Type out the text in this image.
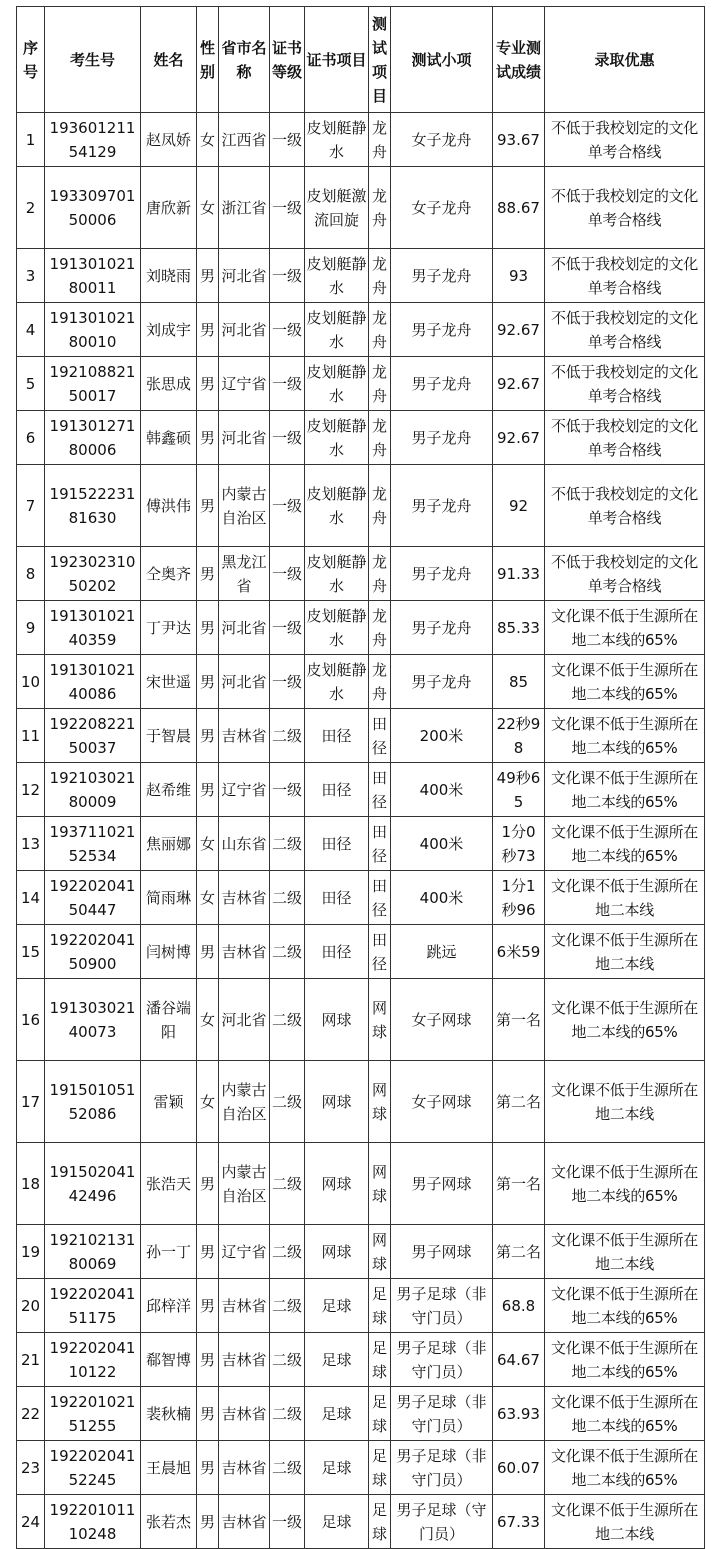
序号	考生号	姓名	性别	省市名称	证书等级	证书项目	测试项目	测试小项	专业测试成绩	录取优惠
1	19360121154129	赵凤娇	女	江西省	一级	皮划艇静水	龙舟	女子龙舟	93.67	不低于我校划定的文化单考合格线
2	19330970150006	唐欣新	女	浙江省	一级	皮划艇激流回旋	龙舟	女子龙舟	88.67	不低于我校划定的文化单考合格线
3	19130102180011	刘晓雨	男	河北省	一级	皮划艇静水	龙舟	男子龙舟	93	不低于我校划定的文化单考合格线
4	19130102180010	刘成宇	男	河北省	一级	皮划艇静水	龙舟	男子龙舟	92.67	不低于我校划定的文化单考合格线
5	19210882150017	张思成	男	辽宁省	一级	皮划艇静水	龙舟	男子龙舟	92.67	不低于我校划定的文化单考合格线
6	19130127180006	韩鑫硕	男	河北省	一级	皮划艇静水	龙舟	男子龙舟	92.67	不低于我校划定的文化单考合格线
7	19152223181630	傅洪伟	男	内蒙古自治区	一级	皮划艇静水	龙舟	男子龙舟	92	不低于我校划定的文化单考合格线
8	19230231050202	仝奥齐	男	黑龙江省	一级	皮划艇静水	龙舟	男子龙舟	91.33	不低于我校划定的文化单考合格线
9	19130102140359	丁尹达	男	河北省	一级	皮划艇静水	龙舟	男子龙舟	85.33	文化课不低于生源所在地二本线的65%
10	19130102140086	宋世遥	男	河北省	一级	皮划艇静水	龙舟	男子龙舟	85	文化课不低于生源所在地二本线的65%
11	19220822150037	于智晨	男	吉林省	二级	田径	田径	200米	22秒98	文化课不低于生源所在地二本线的65%
12	19210302180009	赵希维	男	辽宁省	一级	田径	田径	400米	49秒65	文化课不低于生源所在地二本线的65%
13	19371102152534	焦丽娜	女	山东省	二级	田径	田径	400米	1分0秒73	文化课不低于生源所在地二本线的65%
14	19220204150447	简雨琳	女	吉林省	二级	田径	田径	400米	1分1秒96	文化课不低于生源所在地二本线
15	19220204150900	闫树博	男	吉林省	二级	田径	田径	跳远	6米59	文化课不低于生源所在地二本线
16	19130302140073	潘谷端阳	女	河北省	二级	网球	网球	女子网球	第一名	文化课不低于生源所在地二本线的65%
17	19150105152086	雷颖	女	内蒙古自治区	二级	网球	网球	女子网球	第二名	文化课不低于生源所在地二本线
18	19150204142496	张浩天	男	内蒙古自治区	二级	网球	网球	男子网球	第一名	文化课不低于生源所在地二本线的65%
19	19210213180069	孙一丁	男	辽宁省	二级	网球	网球	男子网球	第二名	文化课不低于生源所在地二本线
20	19220204151175	邱梓洋	男	吉林省	二级	足球	足球	男子足球（非守门员）	68.8	文化课不低于生源所在地二本线的65%
21	19220204110122	郗智博	男	吉林省	二级	足球	足球	男子足球（非守门员）	64.67	文化课不低于生源所在地二本线的65%
22	19220102151255	裴秋楠	男	吉林省	二级	足球	足球	男子足球（非守门员）	63.93	文化课不低于生源所在地二本线的65%
23	19220204152245	王晨旭	男	吉林省	二级	足球	足球	男子足球（非守门员）	60.07	文化课不低于生源所在地二本线的65%
24	19220101110248	张若杰	男	吉林省	一级	足球	足球	男子足球（守门员）	67.33	文化课不低于生源所在地二本线
